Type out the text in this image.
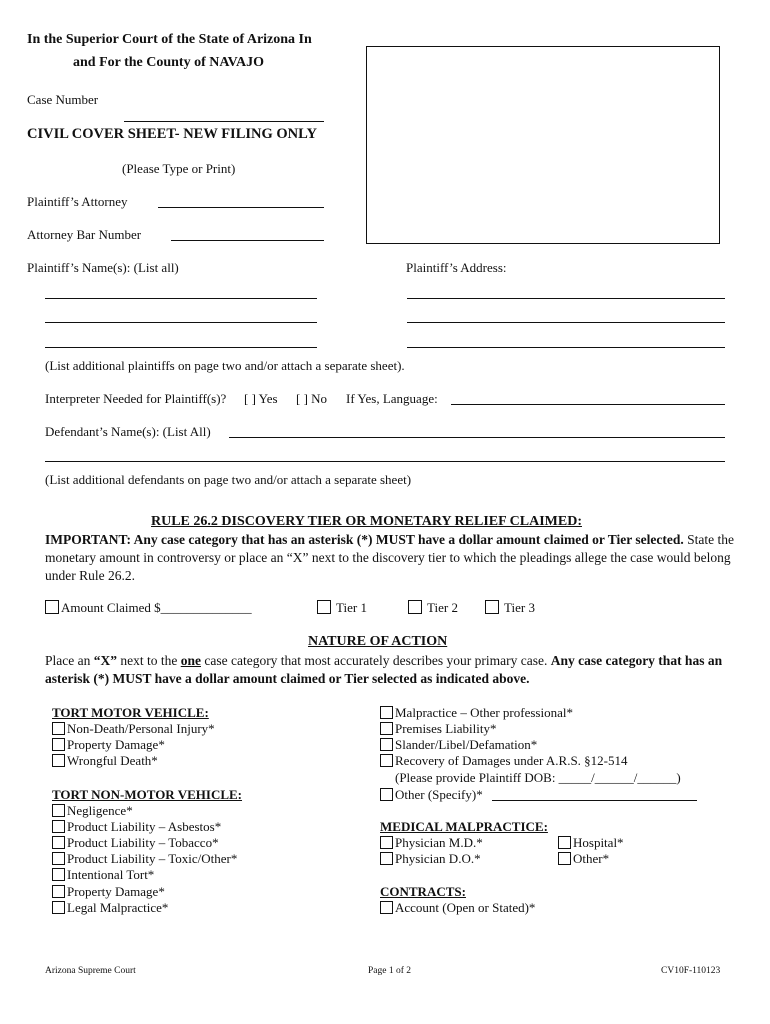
In the Superior Court of the State of Arizona In
and For the County of NAVAJO
Case Number
CIVIL COVER SHEET- NEW FILING ONLY
(Please Type or Print)
Plaintiff’s Attorney
Attorney Bar Number
Plaintiff’s Name(s): (List all)	Plaintiff’s Address:
(List additional plaintiffs on page two and/or attach a separate sheet).
Interpreter Needed for Plaintiff(s)? [ ] Yes [ ] No If Yes, Language:
Defendant’s Name(s): (List All)
(List additional defendants on page two and/or attach a separate sheet)
RULE 26.2 DISCOVERY TIER OR MONETARY RELIEF CLAIMED:
IMPORTANT: Any case category that has an asterisk (*) MUST have a dollar amount claimed or Tier selected. State the monetary amount in controversy or place an “X” next to the discovery tier to which the pleadings allege the case would belong under Rule 26.2.
Amount Claimed $______________	Tier 1	Tier 2	Tier 3
NATURE OF ACTION
Place an “X” next to the one case category that most accurately describes your primary case. Any case category that has an asterisk (*) MUST have a dollar amount claimed or Tier selected as indicated above.
TORT MOTOR VEHICLE:
Non-Death/Personal Injury*
Property Damage*
Wrongful Death*
TORT NON-MOTOR VEHICLE:
Negligence*
Product Liability – Asbestos*
Product Liability – Tobacco*
Product Liability – Toxic/Other*
Intentional Tort*
Property Damage*
Legal Malpractice*
Malpractice – Other professional*
Premises Liability*
Slander/Libel/Defamation*
Recovery of Damages under A.R.S. §12-514
(Please provide Plaintiff DOB: _____/______/______)
Other (Specify)*
MEDICAL MALPRACTICE:
Physician M.D.*	Hospital*
Physician D.O.*	Other*
CONTRACTS:
Account (Open or Stated)*
Arizona Supreme Court	Page 1 of 2	CV10F-110123
